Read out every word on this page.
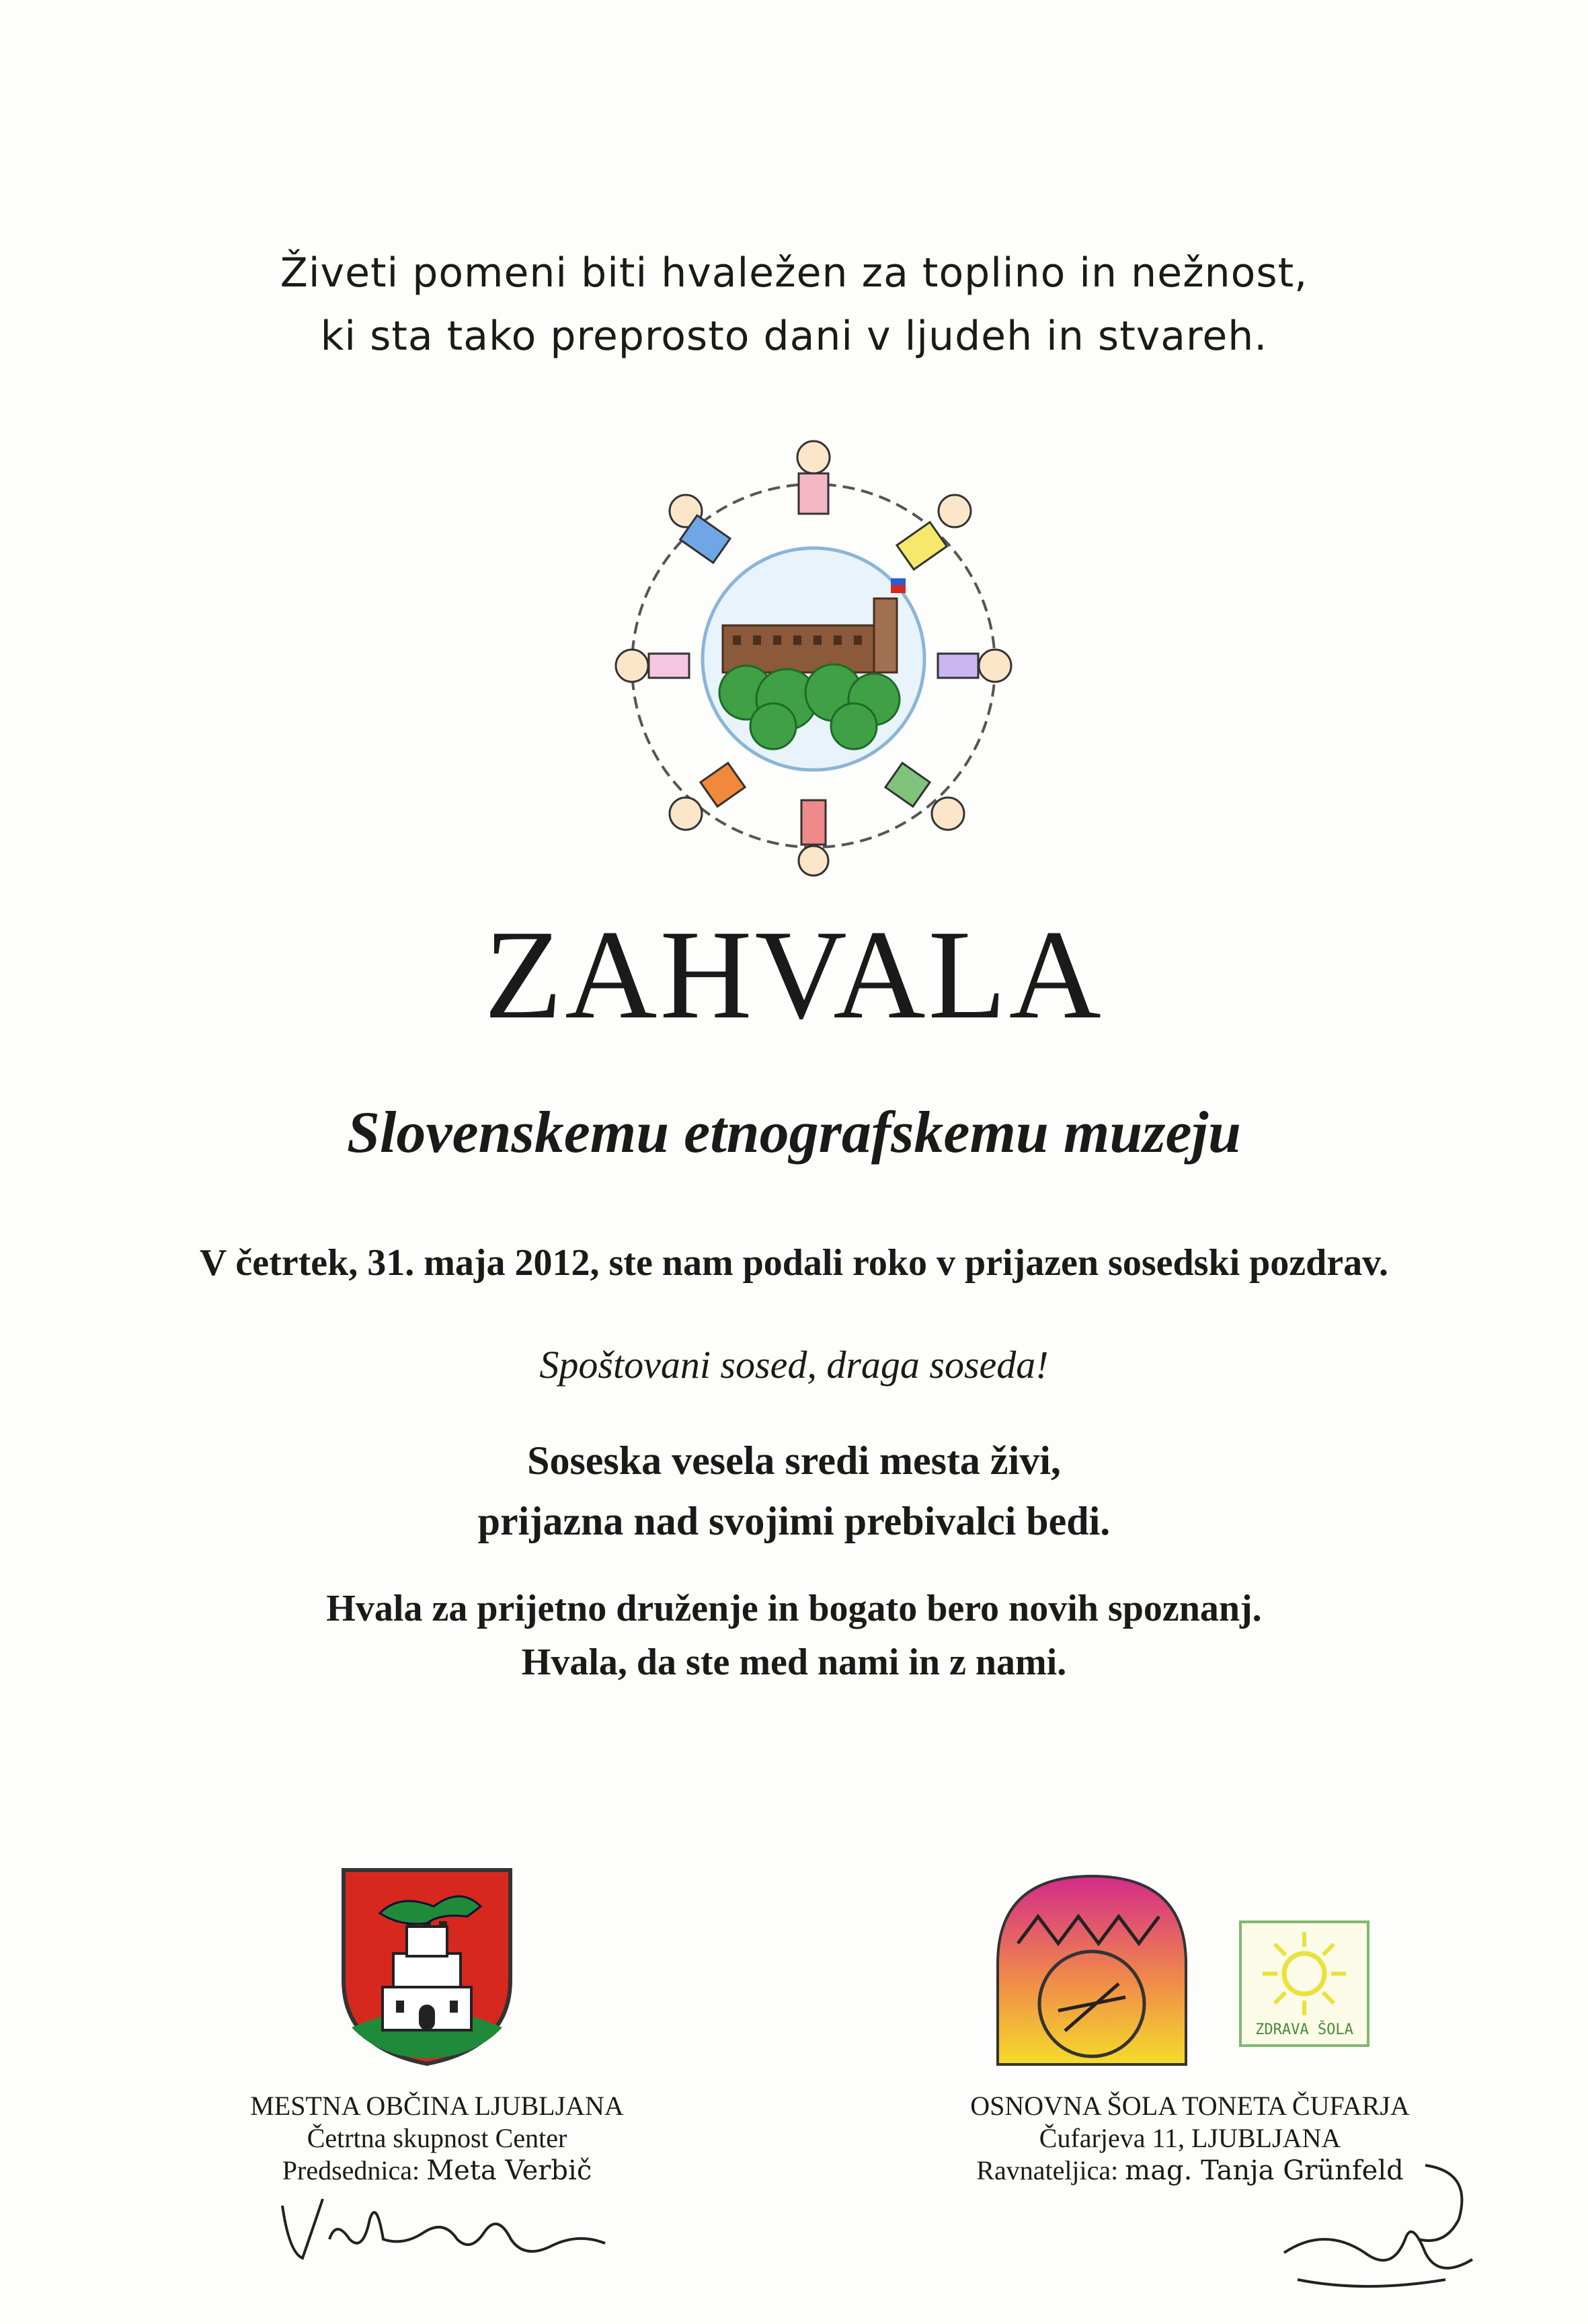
Živeti pomeni biti hvaležen za toplino in nežnost,
ki sta tako preprosto dani v ljudeh in stvareh.
ZAHVALA
Slovenskemu etnografskemu muzeju
V četrtek, 31. maja 2012, ste nam podali roko v prijazen sosedski pozdrav.
Spoštovani sosed, draga soseda!
Soseska vesela sredi mesta živi,
prijazna nad svojimi prebivalci bedi.
Hvala za prijetno druženje in bogato bero novih spoznanj.
Hvala, da ste med nami in z nami.
ZDRAVA ŠOLA
MESTNA OBČINA LJUBLJANA
Četrtna skupnost Center
Predsednica: Meta Verbič
OSNOVNA ŠOLA TONETA ČUFARJA
Čufarjeva 11, LJUBLJANA
Ravnateljica: mag. Tanja Grünfeld
